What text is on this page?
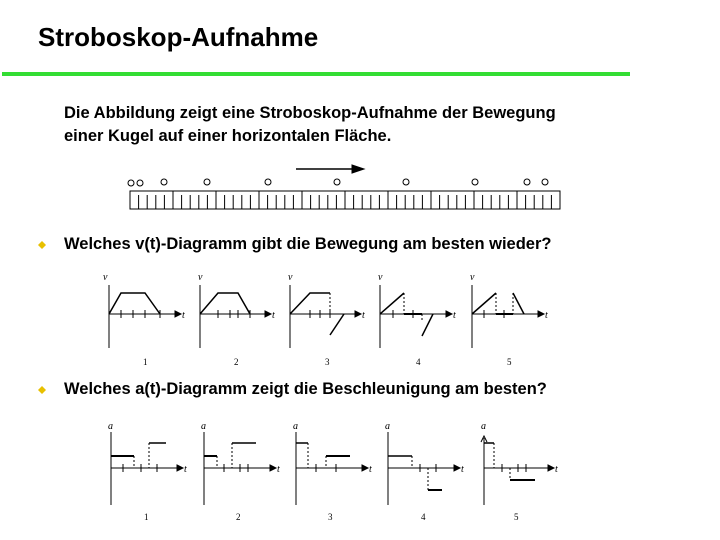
Stroboskop-Aufnahme

Die Abbildung zeigt eine Stroboskop-Aufnahme der Bewegung
einer Kugel auf einer horizontalen Fläche.

Welches v(t)-Diagramm gibt die Bewegung am besten wieder?
Welches a(t)-Diagramm zeigt die Beschleunigung am besten?
v	v	v	v	v
t	t	t	t	t
1	2	3	4	5
a	a	a	a	a
t	t	t	t	t
1	2	3	4	5
